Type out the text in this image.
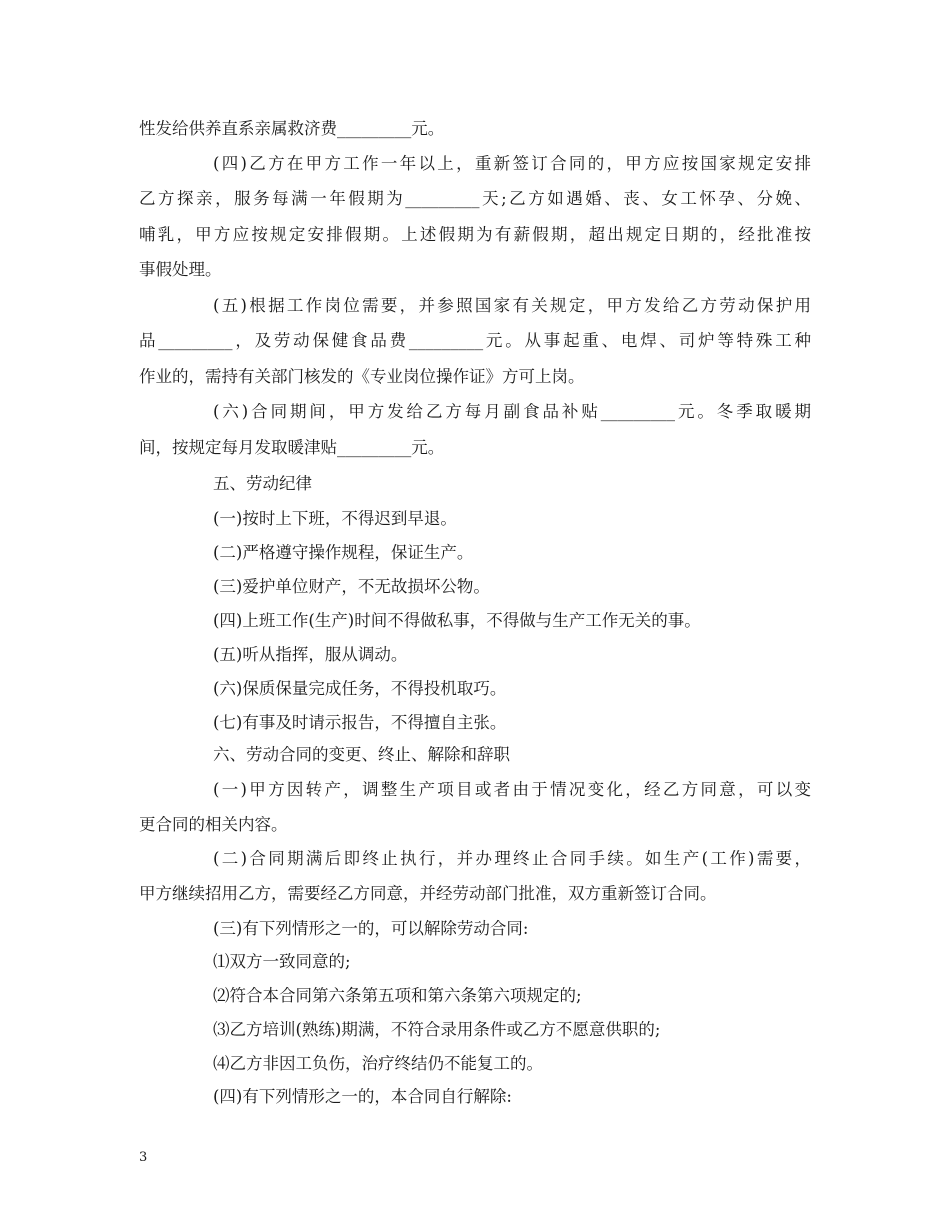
性发给供养直系亲属救济费_________元。
(四)乙方在甲方工作一年以上，重新签订合同的，甲方应按国家规定安排
乙方探亲，服务每满一年假期为_________天;乙方如遇婚、丧、女工怀孕、分娩、
哺乳，甲方应按规定安排假期。上述假期为有薪假期，超出规定日期的，经批准按
事假处理。
(五)根据工作岗位需要，并参照国家有关规定，甲方发给乙方劳动保护用
品_________，及劳动保健食品费_________元。从事起重、电焊、司炉等特殊工种
作业的，需持有关部门核发的《专业岗位操作证》方可上岗。
(六)合同期间，甲方发给乙方每月副食品补贴_________元。冬季取暖期
间，按规定每月发取暖津贴_________元。
五、劳动纪律
(一)按时上下班，不得迟到早退。
(二)严格遵守操作规程，保证生产。
(三)爱护单位财产，不无故损坏公物。
(四)上班工作(生产)时间不得做私事，不得做与生产工作无关的事。
(五)听从指挥，服从调动。
(六)保质保量完成任务，不得投机取巧。
(七)有事及时请示报告，不得擅自主张。
六、劳动合同的变更、终止、解除和辞职
(一)甲方因转产，调整生产项目或者由于情况变化，经乙方同意，可以变
更合同的相关内容。
(二)合同期满后即终止执行，并办理终止合同手续。如生产(工作)需要，
甲方继续招用乙方，需要经乙方同意，并经劳动部门批准，双方重新签订合同。
(三)有下列情形之一的，可以解除劳动合同:
⑴双方一致同意的;
⑵符合本合同第六条第五项和第六条第六项规定的;
⑶乙方培训(熟练)期满，不符合录用条件或乙方不愿意供职的;
⑷乙方非因工负伤，治疗终结仍不能复工的。
(四)有下列情形之一的，本合同自行解除:
3
